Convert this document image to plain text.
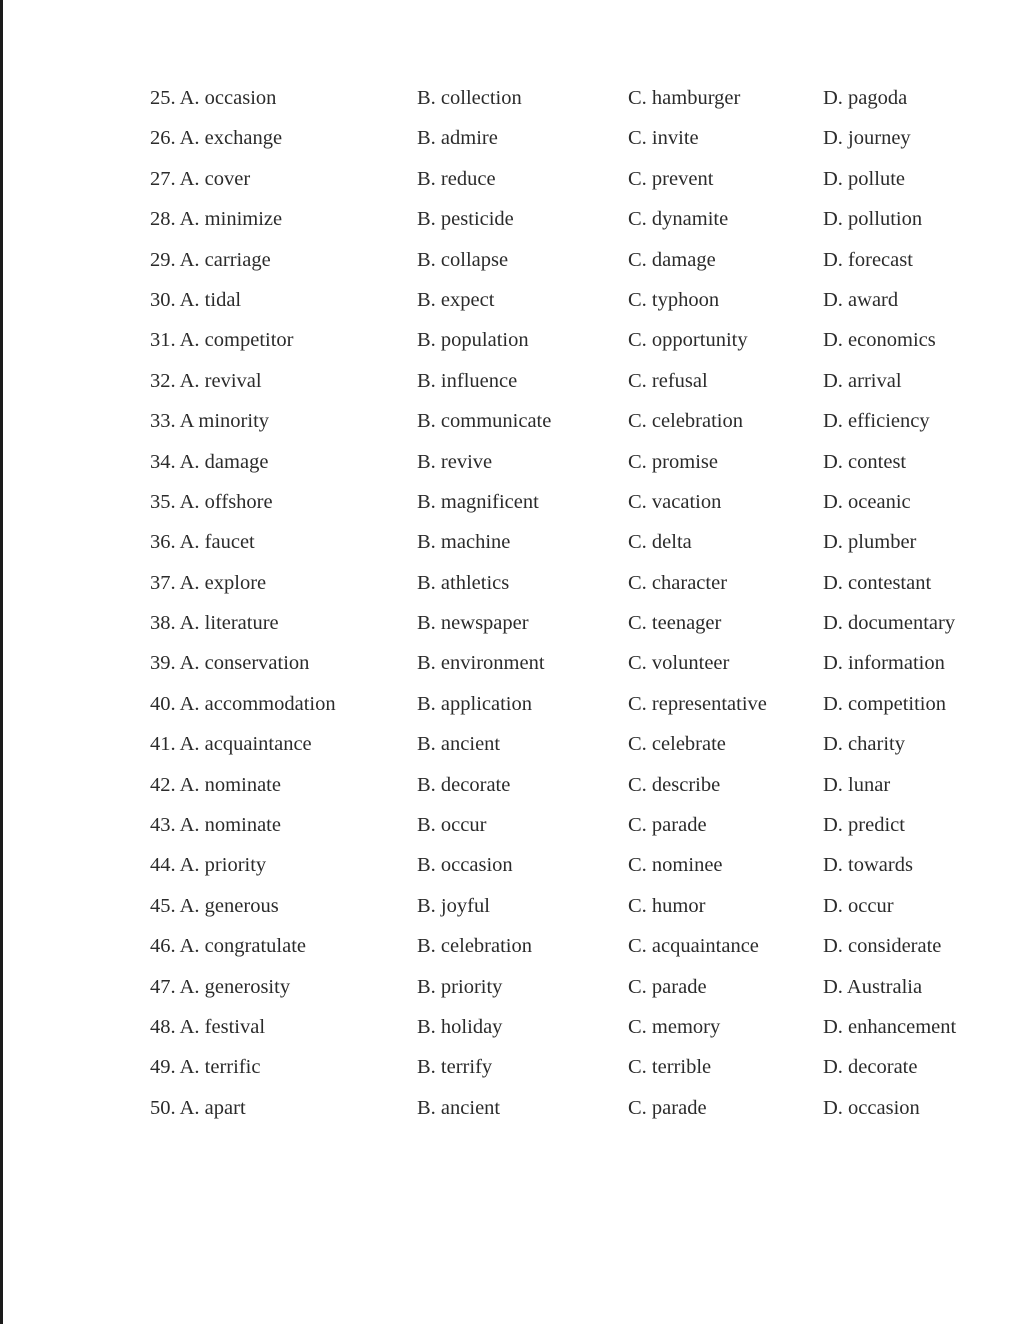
25. A. occasion	B. collection	C. hamburger	D. pagoda
26. A. exchange	B. admire	C. invite	D. journey
27. A. cover	B. reduce	C. prevent	D. pollute
28. A. minimize	B. pesticide	C. dynamite	D. pollution
29. A. carriage	B. collapse	C. damage	D. forecast
30. A. tidal	B. expect	C. typhoon	D. award
31. A. competitor	B. population	C. opportunity	D. economics
32. A. revival	B. influence	C. refusal	D. arrival
33. A minority	B. communicate	C. celebration	D. efficiency
34. A. damage	B. revive	C. promise	D. contest
35. A. offshore	B. magnificent	C. vacation	D. oceanic
36. A. faucet	B. machine	C. delta	D. plumber
37. A. explore	B. athletics	C. character	D. contestant
38. A. literature	B. newspaper	C. teenager	D. documentary
39. A. conservation	B. environment	C. volunteer	D. information
40. A. accommodation	B. application	C. representative	D. competition
41. A. acquaintance	B. ancient	C. celebrate	D. charity
42. A. nominate	B. decorate	C. describe	D. lunar
43. A. nominate	B. occur	C. parade	D. predict
44. A. priority	B. occasion	C. nominee	D. towards
45. A. generous	B. joyful	C. humor	D. occur
46. A. congratulate	B. celebration	C. acquaintance	D. considerate
47. A. generosity	B. priority	C. parade	D. Australia
48. A. festival	B. holiday	C. memory	D. enhancement
49. A. terrific	B. terrify	C. terrible	D. decorate
50. A. apart	B. ancient	C. parade	D. occasion
